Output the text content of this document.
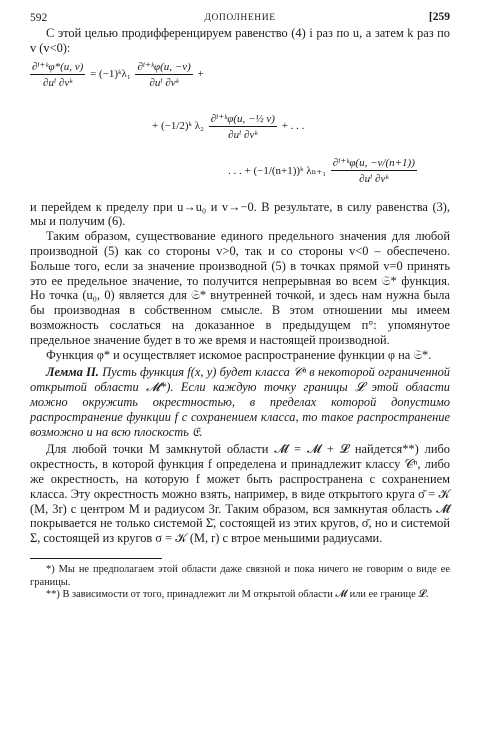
592	ДОПОЛНЕНИЕ	[259

С этой целью продифференцируем равенство (4) i раз по u, а затем k раз по v (v<0):

$\frac{\text{∂ⁱ⁺ᵏφ*(u, v)}}{\text{∂uⁱ ∂vᵏ}}$ = (−1)ᵏλ₁ $\frac{\text{∂ⁱ⁺ᵏφ(u, −v)}}{\text{∂uⁱ ∂vᵏ}}$ +
+ (−1/2)ᵏ $\lambda_2 \frac{\text{∂ⁱ⁺ᵏφ(u, −½ v)}}{\text{∂uⁱ ∂vᵏ}}$ + . . .
. . . + (−1/(n+1))ᵏ $\lambda_{n+1} \frac{\text{∂ⁱ⁺ᵏφ(u, −v/(n+1))}}{\text{∂uⁱ ∂vᵏ}}$

и перейдем к пределу при u→u₀ и v→−0. В результате, в силу равенства (3), мы и получим (6).

Таким образом, существование единого предельного значения для любой производной (5) как со стороны v>0, так и со стороны v<0 – обеспечено. Больше того, если за значение производной (5) в точках прямой v=0 принять это ее предельное значение, то получится непрерывная во всем 𝔖* функция. Но точка (u₀, 0) является для 𝔖* внутренней точкой, и здесь нам нужна была бы производная в собственном смысле. В этом отношении мы имеем возможность сослаться на доказанное в предыдущем п°: упомянутое предельное значение будет в то же время и настоящей производной.

Функция φ* и осуществляет искомое распространение функции φ на 𝔖*.

Лемма II. Пусть функция f(x, y) будет класса 𝒞ⁿ в некоторой ограниченной открытой области 𝓜*). Если каждую точку границы 𝓛 этой области можно окружить окрестностью, в пределах которой допустимо распространение функции f с сохранением класса, то такое распространение возможно и на всю плоскость 𝔈.

Для любой точки M замкнутой области 𝓜̄ = 𝓜 + 𝓛 найдется**) либо окрестность, в которой функция f определена и принадлежит классу 𝒞ⁿ, либо же окрестность, на которую f может быть распространена с сохранением класса. Эту окрестность можно взять, например, в виде открытого круга σ̄ = 𝒦 (M, 3r) с центром M и радиусом 3r. Таким образом, вся замкнутая область 𝓜̄ покрывается не только системой Σ̄, состоящей из этих кругов, σ̄, но и системой Σ, состоящей из кругов σ = 𝒦 (M, r) с втрое меньшими радиусами.

*) Мы не предполагаем этой области даже связной и пока ничего не говорим о виде ее границы.

**) В зависимости от того, принадлежит ли M открытой области 𝓜 или ее границе 𝓛.
